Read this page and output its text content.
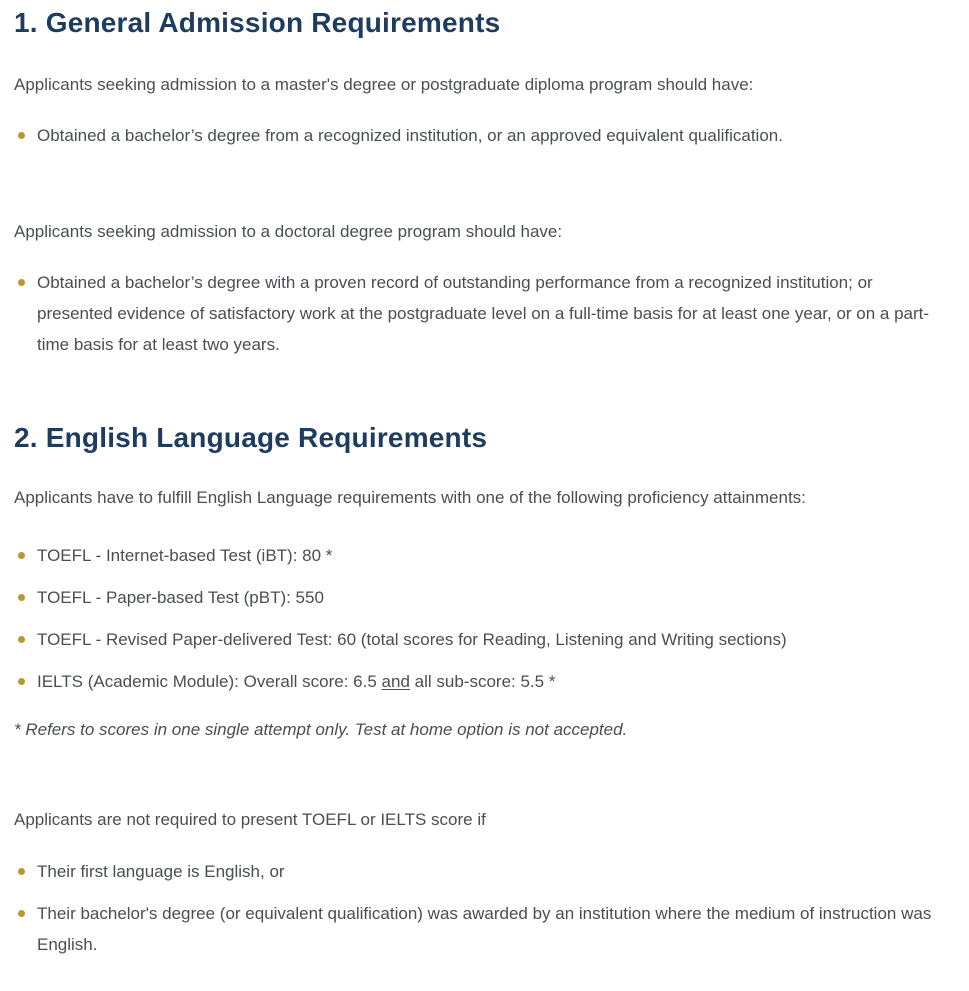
1. General Admission Requirements

Applicants seeking admission to a master's degree or postgraduate diploma program should have:

Obtained a bachelor’s degree from a recognized institution, or an approved equivalent qualification.

Applicants seeking admission to a doctoral degree program should have:

Obtained a bachelor’s degree with a proven record of outstanding performance from a recognized institution; or presented evidence of satisfactory work at the postgraduate level on a full-time basis for at least one year, or on a part-time basis for at least two years.
2. English Language Requirements

Applicants have to fulfill English Language requirements with one of the following proficiency attainments:

TOEFL - Internet-based Test (iBT): 80 *
TOEFL - Paper-based Test (pBT): 550
TOEFL - Revised Paper-delivered Test: 60 (total scores for Reading, Listening and Writing sections)
IELTS (Academic Module): Overall score: 6.5 and all sub-score: 5.5 *

* Refers to scores in one single attempt only. Test at home option is not accepted.

Applicants are not required to present TOEFL or IELTS score if

Their first language is English, or
Their bachelor's degree (or equivalent qualification) was awarded by an institution where the medium of instruction was English.
